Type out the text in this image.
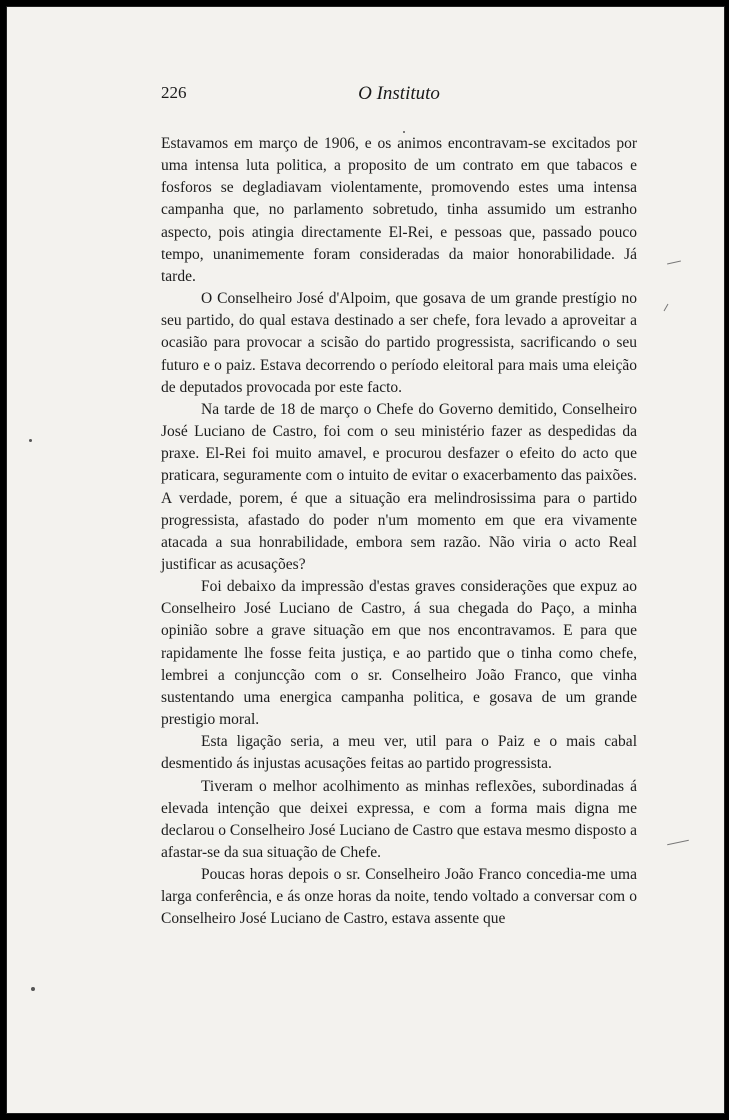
226	O Instituto

Estavamos em março de 1906, e os animos encontravam-se excitados por uma intensa luta politica, a proposito de um contrato em que tabacos e fosforos se degladiavam violentamente, promovendo estes uma intensa campanha que, no parlamento sobretudo, tinha assumido um estranho aspecto, pois atingia directamente El-Rei, e pessoas que, passado pouco tempo, unanimemente foram consideradas da maior honorabilidade. Já tarde.

O Conselheiro José d'Alpoim, que gosava de um grande prestígio no seu partido, do qual estava destinado a ser chefe, fora levado a aproveitar a ocasião para provocar a scisão do partido progressista, sacrificando o seu futuro e o paiz. Estava decorrendo o período eleitoral para mais uma eleição de deputados provocada por este facto.

Na tarde de 18 de março o Chefe do Governo demitido, Conselheiro José Luciano de Castro, foi com o seu ministério fazer as despedidas da praxe. El-Rei foi muito amavel, e procurou desfazer o efeito do acto que praticara, seguramente com o intuito de evitar o exacerbamento das paixões. A verdade, porem, é que a situação era melindrosissima para o partido progressista, afastado do poder n'um momento em que era vivamente atacada a sua honrabilidade, embora sem razão. Não viria o acto Real justificar as acusações?

Foi debaixo da impressão d'estas graves considerações que expuz ao Conselheiro José Luciano de Castro, á sua chegada do Paço, a minha opinião sobre a grave situação em que nos encontravamos. E para que rapidamente lhe fosse feita justiça, e ao partido que o tinha como chefe, lembrei a conjuncção com o sr. Conselheiro João Franco, que vinha sustentando uma energica campanha politica, e gosava de um grande prestigio moral.

Esta ligação seria, a meu ver, util para o Paiz e o mais cabal desmentido ás injustas acusações feitas ao partido progressista.

Tiveram o melhor acolhimento as minhas reflexões, subordinadas á elevada intenção que deixei expressa, e com a forma mais digna me declarou o Conselheiro José Luciano de Castro que estava mesmo disposto a afastar-se da sua situação de Chefe.

Poucas horas depois o sr. Conselheiro João Franco concedia-me uma larga conferência, e ás onze horas da noite, tendo voltado a conversar com o Conselheiro José Luciano de Castro, estava assente que
